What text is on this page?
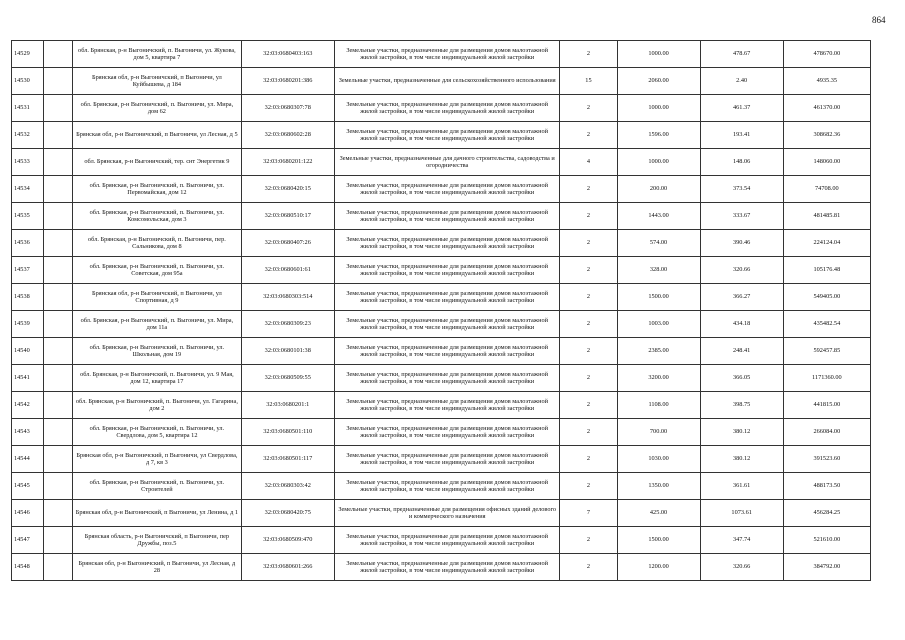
864
14529		обл. Брянская, р-н Выгоничский, п. Выгоничи, ул. Жукова, дом 5, квартира 7	32:03:0680403:163	Земельные участки, предназначенные для размещения домов малоэтажной жилой застройки, в том числе индивидуальной жилой застройки	2	1000.00	478.67	478670.00
14530		Брянская обл, р-н Выгоничский, п Выгоничи, ул Куйбышева, д 184	32:03:0680201:386	Земельные участки, предназначенные для сельскохозяйственного использования	15	2060.00	2.40	4935.35
14531		обл. Брянская, р-н Выгоничский, п. Выгоничи, ул. Мира, дом 62	32:03:0680307:78	Земельные участки, предназначенные для размещения домов малоэтажной жилой застройки, в том числе индивидуальной жилой застройки	2	1000.00	461.37	461370.00
14532		Брянская обл, р-н Выгоничский, п Выгоничи, ул Лесная, д 5	32:03:0680602:28	Земельные участки, предназначенные для размещения домов малоэтажной жилой застройки, в том числе индивидуальной жилой застройки	2	1596.00	193.41	308682.36
14533		обл. Брянская, р-н Выгоничский, тер. снт Энергетик 9	32:03:0680201:122	Земельные участки, предназначенные для дачного строительства, садоводства и огородничества	4	1000.00	148.06	148060.00
14534		обл. Брянская, р-н Выгоничский, п. Выгоничи, ул. Первомайская, дом 12	32:03:0680420:15	Земельные участки, предназначенные для размещения домов малоэтажной жилой застройки, в том числе индивидуальной жилой застройки	2	200.00	373.54	74708.00
14535		обл. Брянская, р-н Выгоничский, п. Выгоничи, ул. Комсомольская, дом 3	32:03:0680510:17	Земельные участки, предназначенные для размещения домов малоэтажной жилой застройки, в том числе индивидуальной жилой застройки	2	1443.00	333.67	481485.81
14536		обл. Брянская, р-н Выгоничский, п. Выгоничи, пер. Сальникова, дом 8	32:03:0680407:26	Земельные участки, предназначенные для размещения домов малоэтажной жилой застройки, в том числе индивидуальной жилой застройки	2	574.00	390.46	224124.04
14537		обл. Брянская, р-н Выгоничский, п. Выгоничи, ул. Советская, дом 95а	32:03:0680601:61	Земельные участки, предназначенные для размещения домов малоэтажной жилой застройки, в том числе индивидуальной жилой застройки	2	328.00	320.66	105176.48
14538		Брянская обл, р-н Выгоничский, п Выгоничи, ул Спортивная, д 9	32:03:0680303:514	Земельные участки, предназначенные для размещения домов малоэтажной жилой застройки, в том числе индивидуальной жилой застройки	2	1500.00	366.27	549405.00
14539		обл. Брянская, р-н Выгоничский, п. Выгоничи, ул. Мира, дом 11а	32:03:0680309:23	Земельные участки, предназначенные для размещения домов малоэтажной жилой застройки, в том числе индивидуальной жилой застройки	2	1003.00	434.18	435482.54
14540		обл. Брянская, р-н Выгоничский, п. Выгоничи, ул. Школьная, дом 19	32:03:0680101:38	Земельные участки, предназначенные для размещения домов малоэтажной жилой застройки, в том числе индивидуальной жилой застройки	2	2385.00	248.41	592457.85
14541		обл. Брянская, р-н Выгоничский, п. Выгоничи, ул. 9 Мая, дом 12, квартира 17	32:03:0680509:55	Земельные участки, предназначенные для размещения домов малоэтажной жилой застройки, в том числе индивидуальной жилой застройки	2	3200.00	366.05	1171360.00
14542		обл. Брянская, р-н Выгоничский, п. Выгоничи, ул. Гагарина, дом 2	32:03:0680201:1	Земельные участки, предназначенные для размещения домов малоэтажной жилой застройки, в том числе индивидуальной жилой застройки	2	1108.00	398.75	441815.00
14543		обл. Брянская, р-н Выгоничский, п. Выгоничи, ул. Свердлова, дом 5, квартира 12	32:03:0680501:110	Земельные участки, предназначенные для размещения домов малоэтажной жилой застройки, в том числе индивидуальной жилой застройки	2	700.00	380.12	266084.00
14544		Брянская обл, р-н Выгоничский, п Выгоничи, ул Свердлова, д 7, кв 3	32:03:0680501:117	Земельные участки, предназначенные для размещения домов малоэтажной жилой застройки, в том числе индивидуальной жилой застройки	2	1030.00	380.12	391523.60
14545		обл. Брянская, р-н Выгоничский, п. Выгоничи, ул. Строителей	32:03:0680303:42	Земельные участки, предназначенные для размещения домов малоэтажной жилой застройки, в том числе индивидуальной жилой застройки	2	1350.00	361.61	488173.50
14546		Брянская обл, р-н Выгоничский, п Выгоничи, ул Ленина, д 1	32:03:0680420:75	Земельные участки, предназначенные для размещения офисных зданий делового и коммерческого назначения	7	425.00	1073.61	456284.25
14547		Брянская область, р-н Выгоничский, п Выгоничи, пер Дружбы, поз.5	32:03:0680509:470	Земельные участки, предназначенные для размещения домов малоэтажной жилой застройки, в том числе индивидуальной жилой застройки	2	1500.00	347.74	521610.00
14548		Брянская обл, р-н Выгоничский, п Выгоничи, ул Лесная, д 28	32:03:0680601:266	Земельные участки, предназначенные для размещения домов малоэтажной жилой застройки, в том числе индивидуальной жилой застройки	2	1200.00	320.66	384792.00
